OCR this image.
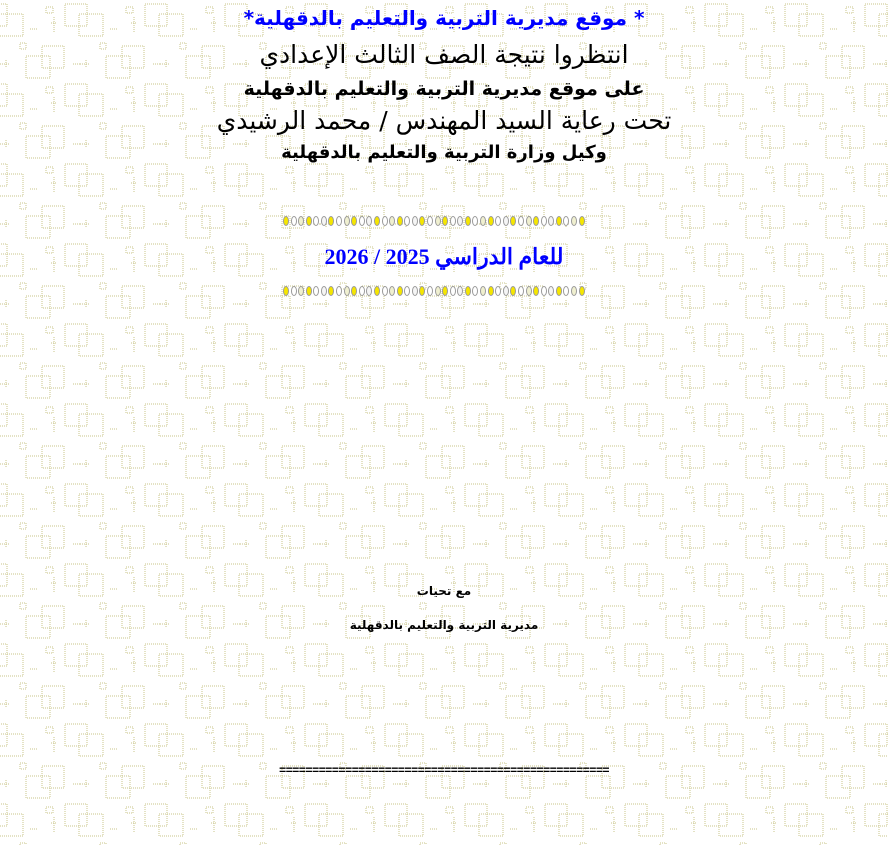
* موقع مديرية التربية والتعليم بالدقهلية*
انتظروا نتيجة الصف الثالث الإعدادي
على موقع مديرية التربية والتعليم بالدقهلية
تحت رعاية السيد المهندس / محمد الرشيدي
وكيل وزارة التربية والتعليم بالدقهلية
للعام الدراسي 2025 / 2026
مع تحيات
مديرية التربية والتعليم بالدقهلية
==================================================
